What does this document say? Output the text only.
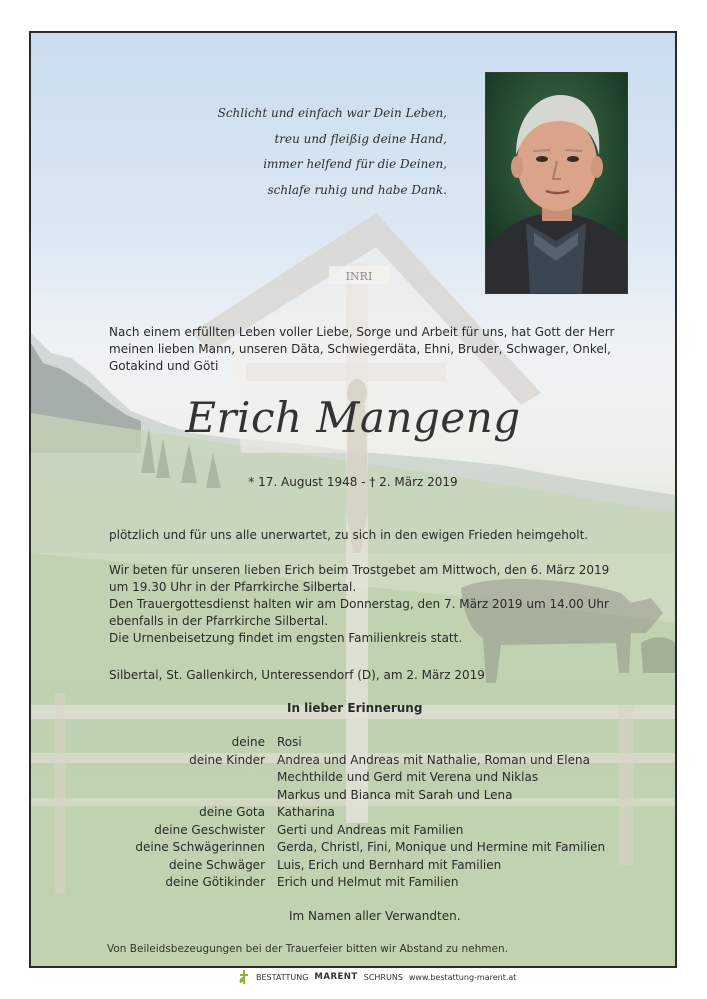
INRI
Schlicht und einfach war Dein Leben,
treu und fleißig deine Hand,
immer helfend für die Deinen,
schlafe ruhig und habe Dank.
Nach einem erfüllten Leben voller Liebe, Sorge und Arbeit für uns, hat Gott der Herr meinen lieben Mann, unseren Däta, Schwiegerdäta, Ehni, Bruder, Schwager, Onkel, Gotakind und Göti
Erich Mangeng
* 17. August 1948 - † 2. März 2019
plötzlich und für uns alle unerwartet, zu sich in den ewigen Frieden heimgeholt.
Wir beten für unseren lieben Erich beim Trostgebet am Mittwoch, den 6. März 2019
um 19.30 Uhr in der Pfarrkirche Silbertal.
Den Trauergottesdienst halten wir am Donnerstag, den 7. März 2019 um 14.00 Uhr
ebenfalls in der Pfarrkirche Silbertal.
Die Urnenbeisetzung findet im engsten Familienkreis statt.
Silbertal, St. Gallenkirch, Unteressendorf (D), am 2. März 2019
In lieber Erinnerung
deine	Rosi
deine Kinder	Andrea und Andreas mit Nathalie, Roman und Elena
Mechthilde und Gerd mit Verena und Niklas
Markus und Bianca mit Sarah und Lena
deine Gota	Katharina
deine Geschwister	Gerti und Andreas mit Familien
deine Schwägerinnen	Gerda, Christl, Fini, Monique und Hermine mit Familien
deine Schwäger	Luis, Erich und Bernhard mit Familien
deine Götikinder	Erich und Helmut mit Familien
Im Namen aller Verwandten.
Von Beileidsbezeugungen bei der Trauerfeier bitten wir Abstand zu nehmen.
BESTATTUNG MARENT SCHRUNS www.bestattung-marent.at
